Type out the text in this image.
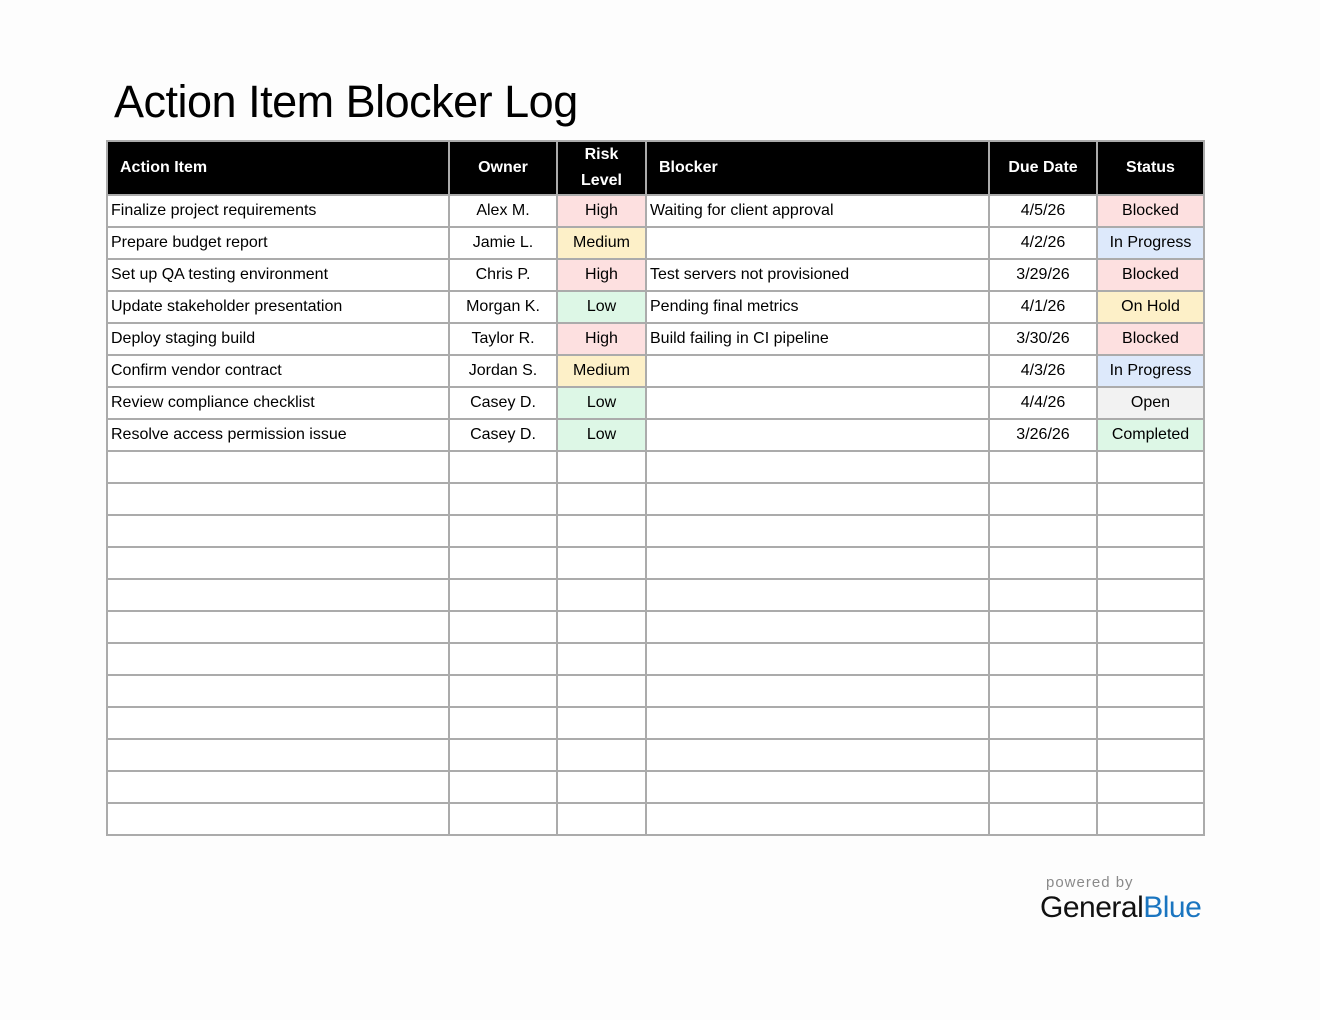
Action Item Blocker Log
Action Item	Owner	Risk Level	Blocker	Due Date	Status
Finalize project requirements	Alex M.	High	Waiting for client approval	4/5/26	Blocked
Prepare budget report	Jamie L.	Medium		4/2/26	In Progress
Set up QA testing environment	Chris P.	High	Test servers not provisioned	3/29/26	Blocked
Update stakeholder presentation	Morgan K.	Low	Pending final metrics	4/1/26	On Hold
Deploy staging build	Taylor R.	High	Build failing in CI pipeline	3/30/26	Blocked
Confirm vendor contract	Jordan S.	Medium		4/3/26	In Progress
Review compliance checklist	Casey D.	Low		4/4/26	Open
Resolve access permission issue	Casey D.	Low		3/26/26	Completed

powered by
GeneralBlue
